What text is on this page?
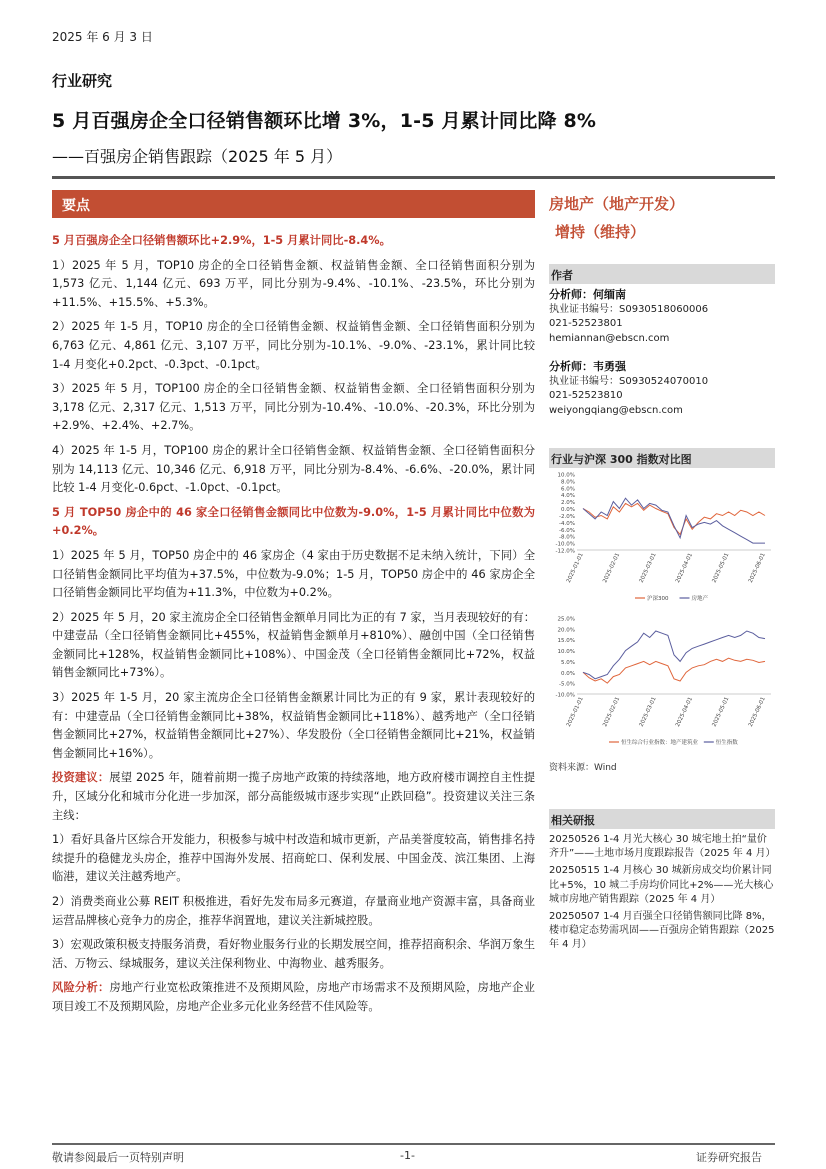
2025 年 6 月 3 日
行业研究
5 月百强房企全口径销售额环比增 3%，1-5 月累计同比降 8%
——百强房企销售跟踪（2025 年 5 月）
要点

5 月百强房企全口径销售额环比+2.9%，1-5 月累计同比-8.4%。

1）2025 年 5 月，TOP10 房企的全口径销售金额、权益销售金额、全口径销售面积分别为 1,573 亿元、1,144 亿元、693 万平，同比分别为-9.4%、-10.1%、-23.5%，环比分别为+11.5%、+15.5%、+5.3%。

2）2025 年 1-5 月，TOP10 房企的全口径销售金额、权益销售金额、全口径销售面积分别为 6,763 亿元、4,861 亿元、3,107 万平，同比分别为-10.1%、-9.0%、-23.1%，累计同比较 1-4 月变化+0.2pct、-0.3pct、-0.1pct。

3）2025 年 5 月，TOP100 房企的全口径销售金额、权益销售金额、全口径销售面积分别为 3,178 亿元、2,317 亿元、1,513 万平，同比分别为-10.4%、-10.0%、-20.3%，环比分别为+2.9%、+2.4%、+2.7%。

4）2025 年 1-5 月，TOP100 房企的累计全口径销售金额、权益销售金额、全口径销售面积分别为 14,113 亿元、10,346 亿元、6,918 万平，同比分别为-8.4%、-6.6%、-20.0%，累计同比较 1-4 月变化-0.6pct、-1.0pct、-0.1pct。

5 月 TOP50 房企中的 46 家全口径销售金额同比中位数为-9.0%，1-5 月累计同比中位数为+0.2%。

1）2025 年 5 月，TOP50 房企中的 46 家房企（4 家由于历史数据不足未纳入统计，下同）全口径销售金额同比平均值为+37.5%，中位数为-9.0%；1-5 月，TOP50 房企中的 46 家房企全口径销售金额同比平均值为+11.3%，中位数为+0.2%。

2）2025 年 5 月，20 家主流房企全口径销售金额单月同比为正的有 7 家，当月表现较好的有：中建壹品（全口径销售金额同比+455%，权益销售金额单月+810%）、融创中国（全口径销售金额同比+128%，权益销售金额同比+108%）、中国金茂（全口径销售金额同比+72%，权益销售金额同比+73%）。

3）2025 年 1-5 月，20 家主流房企全口径销售金额累计同比为正的有 9 家，累计表现较好的有：中建壹品（全口径销售金额同比+38%，权益销售金额同比+118%）、越秀地产（全口径销售金额同比+27%，权益销售金额同比+27%）、华发股份（全口径销售金额同比+21%，权益销售金额同比+16%）。

投资建议：展望 2025 年，随着前期一揽子房地产政策的持续落地，地方政府楼市调控自主性提升，区域分化和城市分化进一步加深，部分高能级城市逐步实现“止跌回稳”。投资建议关注三条主线：

1）看好具备片区综合开发能力，积极参与城中村改造和城市更新，产品美誉度较高，销售排名持续提升的稳健龙头房企，推荐中国海外发展、招商蛇口、保利发展、中国金茂、滨江集团、上海临港，建议关注越秀地产。

2）消费类商业公募 REIT 积极推进，看好先发布局多元赛道，存量商业地产资源丰富，具备商业运营品牌核心竞争力的房企，推荐华润置地，建议关注新城控股。

3）宏观政策积极支持服务消费，看好物业服务行业的长期发展空间，推荐招商积余、华润万象生活、万物云、绿城服务，建议关注保利物业、中海物业、越秀服务。

风险分析：房地产行业宽松政策推进不及预期风险，房地产市场需求不及预期风险，房地产企业项目竣工不及预期风险，房地产企业多元化业务经营不佳风险等。

房地产（地产开发）
增持（维持）
作者
分析师：何缅南
执业证书编号：S0930518060006
021-52523801
hemiannan@ebscn.com
分析师：韦勇强
执业证书编号：S0930524070010
021-52523810
weiyongqiang@ebscn.com
行业与沪深 300 指数对比图
10.0%
8.0%
6.0%
4.0%
2.0%
0.0%
-2.0%
-4.0%
-6.0%
-8.0%
-10.0%
-12.0%
2025-01-01	2025-02-01	2025-03-01	2025-04-01	2025-05-01	2025-06-01
沪深300	房地产
25.0%
20.0%
15.0%
10.0%
5.0%
0.0%
-5.0%
-10.0%
2025-01-01	2025-02-01	2025-03-01	2025-04-01	2025-05-01	2025-06-01
恒生综合行业指数：地产建筑业	恒生指数
资料来源：Wind
相关研报

20250526 1-4 月光大核心 30 城宅地土拍“量价齐升”——土地市场月度跟踪报告（2025 年 4 月）

20250515 1-4 月核心 30 城新房成交均价累计同比+5%，10 城二手房均价同比+2%——光大核心城市房地产销售跟踪（2025 年 4 月）

20250507 1-4 月百强全口径销售额同比降 8%，楼市稳定态势需巩固——百强房企销售跟踪（2025 年 4 月）

敬请参阅最后一页特别声明	-1-	证券研究报告
